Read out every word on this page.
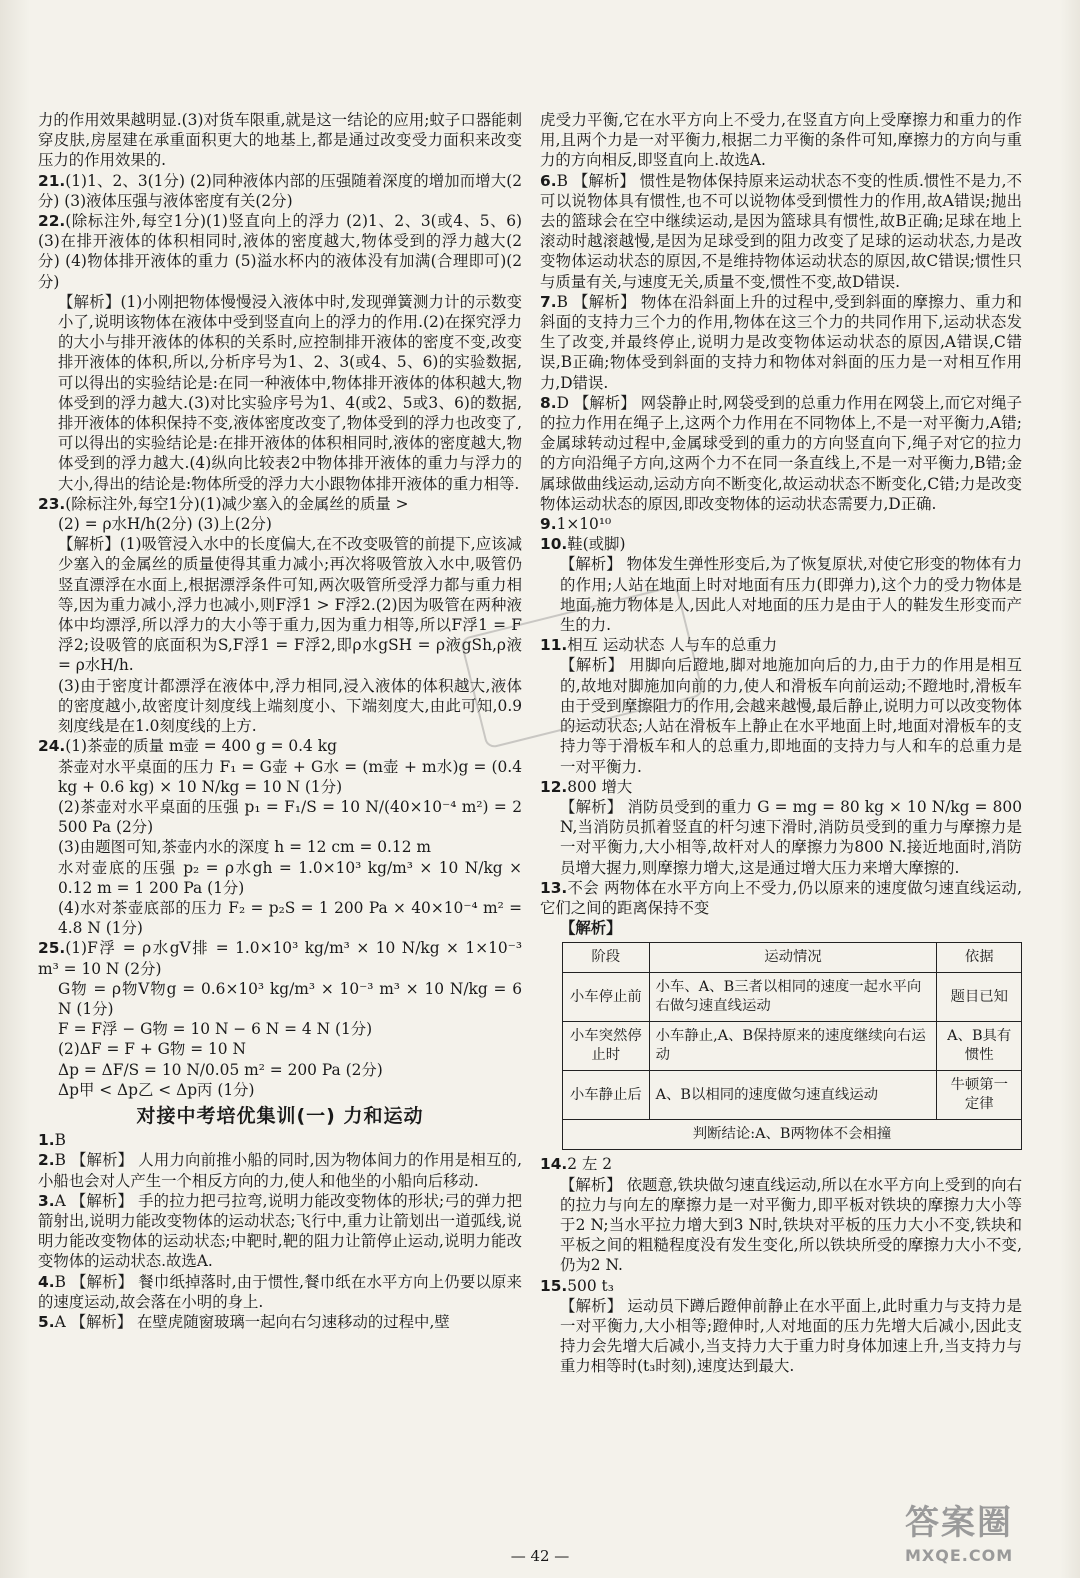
力的作用效果越明显.(3)对货车限重,就是这一结论的应用;蚊子口器能刺穿皮肤,房屋建在承重面积更大的地基上,都是通过改变受力面积来改变压力的作用效果的.

21.(1)1、2、3(1分) (2)同种液体内部的压强随着深度的增加而增大(2分) (3)液体压强与液体密度有关(2分)

22.(除标注外,每空1分)(1)竖直向上的浮力 (2)1、2、3(或4、5、6) (3)在排开液体的体积相同时,液体的密度越大,物体受到的浮力越大(2分) (4)物体排开液体的重力 (5)溢水杯内的液体没有加满(合理即可)(2分)

【解析】(1)小刚把物体慢慢浸入液体中时,发现弹簧测力计的示数变小了,说明该物体在液体中受到竖直向上的浮力的作用.(2)在探究浮力的大小与排开液体的体积的关系时,应控制排开液体的密度不变,改变排开液体的体积,所以,分析序号为1、2、3(或4、5、6)的实验数据,可以得出的实验结论是:在同一种液体中,物体排开液体的体积越大,物体受到的浮力越大.(3)对比实验序号为1、4(或2、5或3、6)的数据,排开液体的体积保持不变,液体密度改变了,物体受到的浮力也改变了,可以得出的实验结论是:在排开液体的体积相同时,液体的密度越大,物体受到的浮力越大.(4)纵向比较表2中物体排开液体的重力与浮力的大小,得出的结论是:物体所受的浮力大小跟物体排开液体的重力相等.

23.(除标注外,每空1分)(1)减少塞入的金属丝的质量 >

(2) = ρ水H/h(2分) (3)上(2分)

【解析】(1)吸管浸入水中的长度偏大,在不改变吸管的前提下,应该减少塞入的金属丝的质量使得其重力减小;再次将吸管放入水中,吸管仍竖直漂浮在水面上,根据漂浮条件可知,两次吸管所受浮力都与重力相等,因为重力减小,浮力也减小,则F浮1 > F浮2.(2)因为吸管在两种液体中均漂浮,所以浮力的大小等于重力,因为重力相等,所以F浮1 = F浮2;设吸管的底面积为S,F浮1 = F浮2,即ρ水gSH = ρ液gSh,ρ液 = ρ水H/h.

(3)由于密度计都漂浮在液体中,浮力相同,浸入液体的体积越大,液体的密度越小,故密度计刻度线上端刻度小、下端刻度大,由此可知,0.9刻度线是在1.0刻度线的上方.

24.(1)茶壶的质量 m壶 = 400 g = 0.4 kg

茶壶对水平桌面的压力 F₁ = G壶 + G水 = (m壶 + m水)g = (0.4 kg + 0.6 kg) × 10 N/kg = 10 N (1分)

(2)茶壶对水平桌面的压强 p₁ = F₁/S = 10 N/(40×10⁻⁴ m²) = 2 500 Pa (2分)

(3)由题图可知,茶壶内水的深度 h = 12 cm = 0.12 m

水对壶底的压强 p₂ = ρ水gh = 1.0×10³ kg/m³ × 10 N/kg × 0.12 m = 1 200 Pa (1分)

(4)水对茶壶底部的压力 F₂ = p₂S = 1 200 Pa × 40×10⁻⁴ m² = 4.8 N (1分)

25.(1)F浮 = ρ水gV排 = 1.0×10³ kg/m³ × 10 N/kg × 1×10⁻³ m³ = 10 N (2分)

G物 = ρ物V物g = 0.6×10³ kg/m³ × 10⁻³ m³ × 10 N/kg = 6 N (1分)

F = F浮 − G物 = 10 N − 6 N = 4 N (1分)

(2)ΔF = F + G物 = 10 N

Δp = ΔF/S = 10 N/0.05 m² = 200 Pa (2分)

Δp甲 < Δp乙 < Δp丙 (1分)

对接中考培优集训(一) 力和运动

1.B

2.B 【解析】 人用力向前推小船的同时,因为物体间力的作用是相互的,小船也会对人产生一个相反方向的力,使人和他坐的小船向后移动.

3.A 【解析】 手的拉力把弓拉弯,说明力能改变物体的形状;弓的弹力把箭射出,说明力能改变物体的运动状态;飞行中,重力让箭划出一道弧线,说明力能改变物体的运动状态;中靶时,靶的阻力让箭停止运动,说明力能改变物体的运动状态.故选A.

4.B 【解析】 餐巾纸掉落时,由于惯性,餐巾纸在水平方向上仍要以原来的速度运动,故会落在小明的身上.

5.A 【解析】 在壁虎随窗玻璃一起向右匀速移动的过程中,壁

虎受力平衡,它在水平方向上不受力,在竖直方向上受摩擦力和重力的作用,且两个力是一对平衡力,根据二力平衡的条件可知,摩擦力的方向与重力的方向相反,即竖直向上.故选A.

6.B 【解析】 惯性是物体保持原来运动状态不变的性质.惯性不是力,不可以说物体具有惯性,也不可以说物体受到惯性力的作用,故A错误;抛出去的篮球会在空中继续运动,是因为篮球具有惯性,故B正确;足球在地上滚动时越滚越慢,是因为足球受到的阻力改变了足球的运动状态,力是改变物体运动状态的原因,不是维持物体运动状态的原因,故C错误;惯性只与质量有关,与速度无关,质量不变,惯性不变,故D错误.

7.B 【解析】 物体在沿斜面上升的过程中,受到斜面的摩擦力、重力和斜面的支持力三个力的作用,物体在这三个力的共同作用下,运动状态发生了改变,并最终停止,说明力是改变物体运动状态的原因,A错误,C错误,B正确;物体受到斜面的支持力和物体对斜面的压力是一对相互作用力,D错误.

8.D 【解析】 网袋静止时,网袋受到的总重力作用在网袋上,而它对绳子的拉力作用在绳子上,这两个力作用在不同物体上,不是一对平衡力,A错;金属球转动过程中,金属球受到的重力的方向竖直向下,绳子对它的拉力的方向沿绳子方向,这两个力不在同一条直线上,不是一对平衡力,B错;金属球做曲线运动,运动方向不断变化,故运动状态不断变化,C错;力是改变物体运动状态的原因,即改变物体的运动状态需要力,D正确.

9.1×10¹⁰

10.鞋(或脚)

【解析】 物体发生弹性形变后,为了恢复原状,对使它形变的物体有力的作用;人站在地面上时对地面有压力(即弹力),这个力的受力物体是地面,施力物体是人,因此人对地面的压力是由于人的鞋发生形变而产生的力.

11.相互 运动状态 人与车的总重力

【解析】 用脚向后蹬地,脚对地施加向后的力,由于力的作用是相互的,故地对脚施加向前的力,使人和滑板车向前运动;不蹬地时,滑板车由于受到摩擦阻力的作用,会越来越慢,最后静止,说明力可以改变物体的运动状态;人站在滑板车上静止在水平地面上时,地面对滑板车的支持力等于滑板车和人的总重力,即地面的支持力与人和车的总重力是一对平衡力.

12.800 增大

【解析】 消防员受到的重力 G = mg = 80 kg × 10 N/kg = 800 N,当消防员抓着竖直的杆匀速下滑时,消防员受到的重力与摩擦力是一对平衡力,大小相等,故杆对人的摩擦力为800 N.接近地面时,消防员增大握力,则摩擦力增大,这是通过增大压力来增大摩擦的.

13.不会 两物体在水平方向上不受力,仍以原来的速度做匀速直线运动,它们之间的距离保持不变

【解析】

阶段	运动情况	依据
小车停止前	小车、A、B三者以相同的速度一起水平向右做匀速直线运动	题目已知
小车突然停止时	小车静止,A、B保持原来的速度继续向右运动	A、B具有惯性
小车静止后	A、B以相同的速度做匀速直线运动	牛顿第一定律
判断结论:A、B两物体不会相撞		

14.2 左 2

【解析】 依题意,铁块做匀速直线运动,所以在水平方向上受到的向右的拉力与向左的摩擦力是一对平衡力,即平板对铁块的摩擦力大小等于2 N;当水平拉力增大到3 N时,铁块对平板的压力大小不变,铁块和平板之间的粗糙程度没有发生变化,所以铁块所受的摩擦力大小不变,仍为2 N.

15.500 t₃

【解析】 运动员下蹲后蹬伸前静止在水平面上,此时重力与支持力是一对平衡力,大小相等;蹬伸时,人对地面的压力先增大后减小,因此支持力会先增大后减小,当支持力大于重力时身体加速上升,当支持力与重力相等时(t₃时刻),速度达到最大.

— 42 —
答案圈
MXQE.COM
